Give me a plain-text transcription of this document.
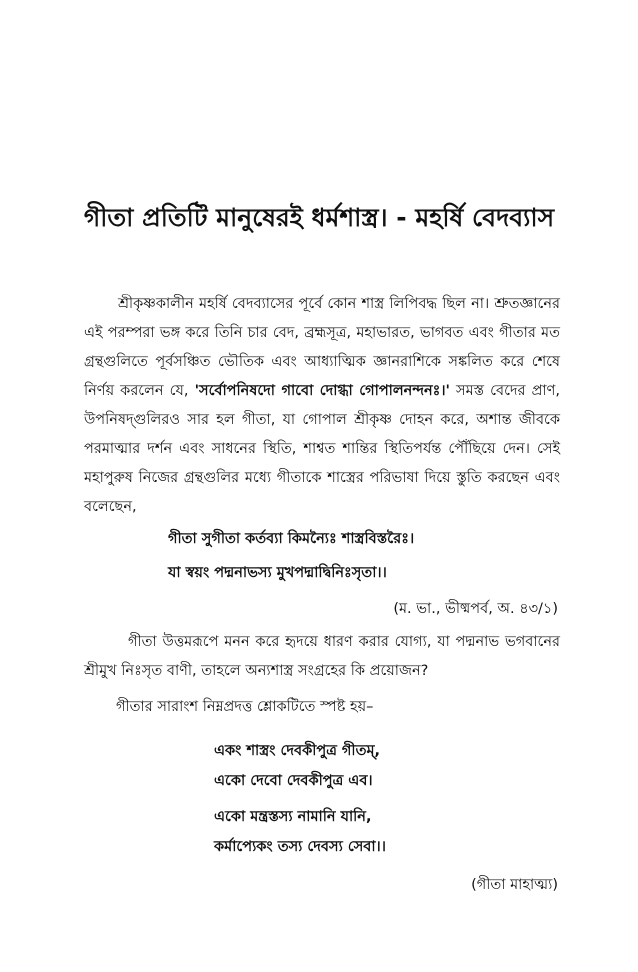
গীতা প্রতিটি মানুষেরই ধর্মশাস্ত্র। - মহর্ষি বেদব্যাস
শ্রীকৃষ্ণকালীন মহর্ষি বেদব্যাসের পূর্বে কোন শাস্ত্র লিপিবদ্ধ ছিল না। শ্রুতজ্ঞানের এই পরম্পরা ভঙ্গ করে তিনি চার বেদ, ব্রহ্মসূত্র, মহাভারত, ভাগবত এবং গীতার মত গ্রন্থগুলিতে পূর্বসঞ্চিত ভৌতিক এবং আধ্যাত্মিক জ্ঞানরাশিকে সঙ্কলিত করে শেষে নির্ণয় করলেন যে, 'সর্বোপনিষদো গাবো দোগ্ধা গোপালনন্দনঃ।' সমস্ত বেদের প্রাণ, উপনিষদ্‌গুলিরও সার হল গীতা, যা গোপাল শ্রীকৃষ্ণ দোহন করে, অশান্ত জীবকে পরমাত্মার দর্শন এবং সাধনের স্থিতি, শাশ্বত শান্তির স্থিতিপর্যন্ত পৌঁছিয়ে দেন। সেই মহাপুরুষ নিজের গ্রন্থগুলির মধ্যে গীতাকে শাস্ত্রের পরিভাষা দিয়ে স্তুতি করছেন এবং বলেছেন,
গীতা সুগীতা কর্তব্যা কিমন্যৈঃ শাস্ত্রবিস্তরৈঃ।
যা স্বয়ং পদ্মনাভস্য মুখপদ্মাদ্বিনিঃসৃতা।।
(ম. ভা., ভীষ্মপর্ব, অ. ৪৩/১)
গীতা উত্তমরূপে মনন করে হৃদয়ে ধারণ করার যোগ্য, যা পদ্মনাভ ভগবানের শ্রীমুখ নিঃসৃত বাণী, তাহলে অন্যশাস্ত্র সংগ্রহের কি প্রয়োজন?
গীতার সারাংশ নিম্নপ্রদত্ত শ্লোকটিতে স্পষ্ট হয়–
একং শাস্ত্রং দেবকীপুত্র গীতম্‌,
একো দেবো দেবকীপুত্র এব।
একো মন্ত্রস্তস্য নামানি যানি,
কর্মাপ্যেকং তস্য দেবস্য সেবা।।
(গীতা মাহাত্ম্য)
